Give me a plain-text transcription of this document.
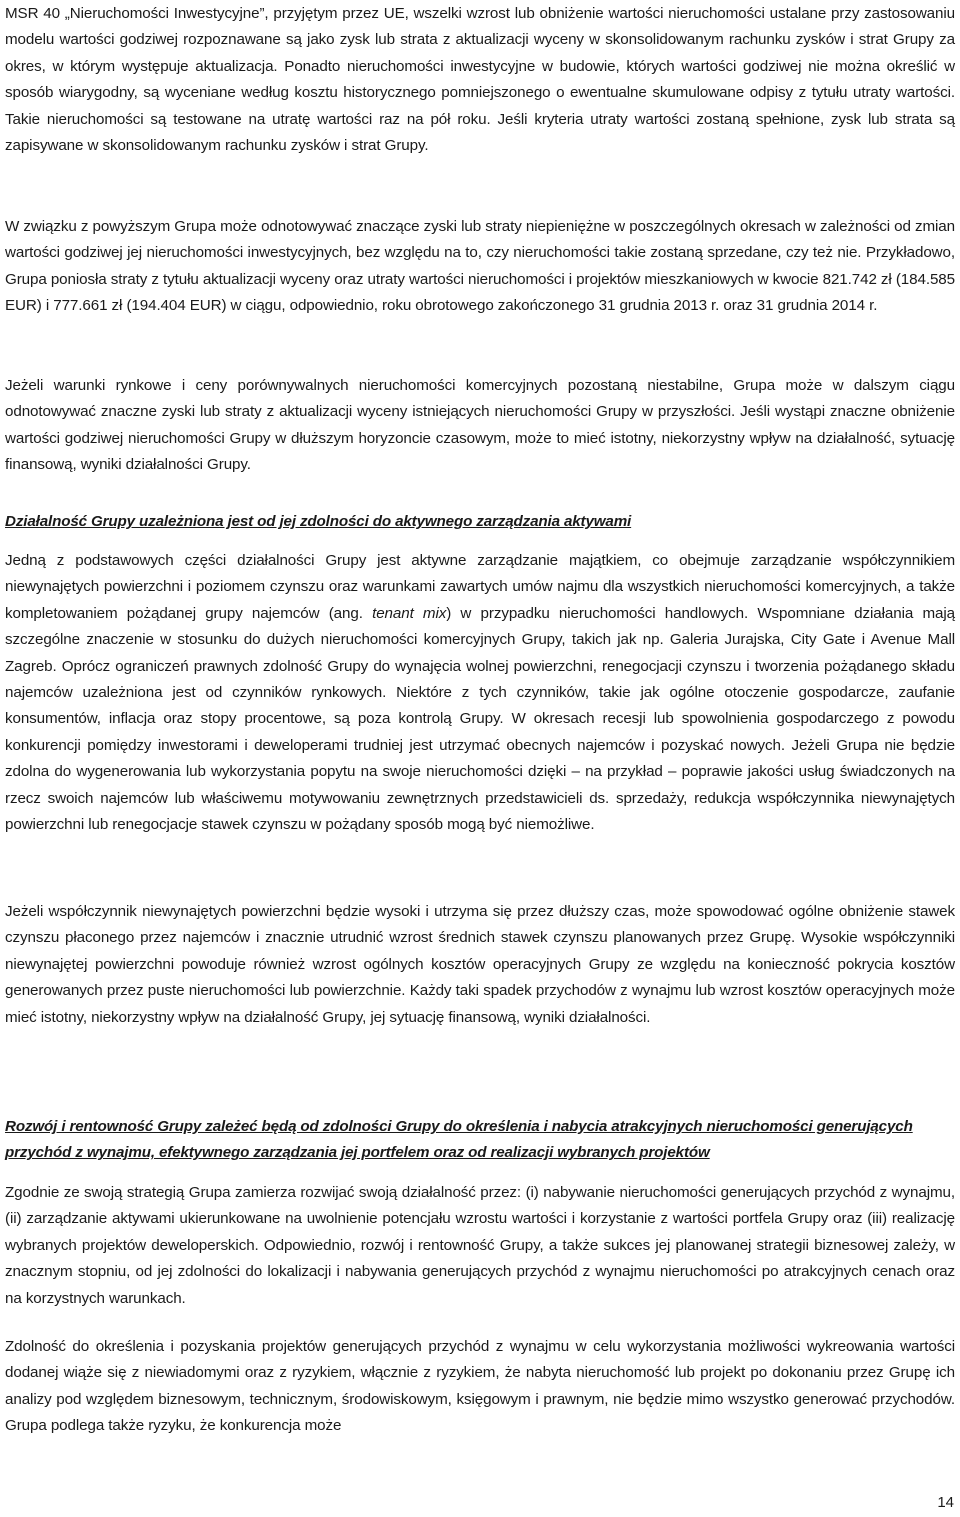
MSR 40 „Nieruchomości Inwestycyjne”, przyjętym przez UE, wszelki wzrost lub obniżenie wartości nieruchomości ustalane przy zastosowaniu modelu wartości godziwej rozpoznawane są jako zysk lub strata z aktualizacji wyceny w skonsolidowanym rachunku zysków i strat Grupy za okres, w którym występuje aktualizacja. Ponadto nieruchomości inwestycyjne w budowie, których wartości godziwej nie można określić w sposób wiarygodny, są wyceniane według kosztu historycznego pomniejszonego o ewentualne skumulowane odpisy z tytułu utraty wartości. Takie nieruchomości są testowane na utratę wartości raz na pół roku. Jeśli kryteria utraty wartości zostaną spełnione, zysk lub strata są zapisywane w skonsolidowanym rachunku zysków i strat Grupy.

W związku z powyższym Grupa może odnotowywać znaczące zyski lub straty niepieniężne w poszczególnych okresach w zależności od zmian wartości godziwej jej nieruchomości inwestycyjnych, bez względu na to, czy nieruchomości takie zostaną sprzedane, czy też nie. Przykładowo, Grupa poniosła straty z tytułu aktualizacji wyceny oraz utraty wartości nieruchomości i projektów mieszkaniowych w kwocie 821.742 zł (184.585 EUR) i 777.661 zł (194.404 EUR) w ciągu, odpowiednio, roku obrotowego zakończonego 31 grudnia 2013 r. oraz 31 grudnia 2014 r.

Jeżeli warunki rynkowe i ceny porównywalnych nieruchomości komercyjnych pozostaną niestabilne, Grupa może w dalszym ciągu odnotowywać znaczne zyski lub straty z aktualizacji wyceny istniejących nieruchomości Grupy w przyszłości. Jeśli wystąpi znaczne obniżenie wartości godziwej nieruchomości Grupy w dłuższym horyzoncie czasowym, może to mieć istotny, niekorzystny wpływ na działalność, sytuację finansową, wyniki działalności Grupy.

Działalność Grupy uzależniona jest od jej zdolności do aktywnego zarządzania aktywami

Jedną z podstawowych części działalności Grupy jest aktywne zarządzanie majątkiem, co obejmuje zarządzanie współczynnikiem niewynajętych powierzchni i poziomem czynszu oraz warunkami zawartych umów najmu dla wszystkich nieruchomości komercyjnych, a także kompletowaniem pożądanej grupy najemców (ang. tenant mix) w przypadku nieruchomości handlowych. Wspomniane działania mają szczególne znaczenie w stosunku do dużych nieruchomości komercyjnych Grupy, takich jak np. Galeria Jurajska, City Gate i Avenue Mall Zagreb. Oprócz ograniczeń prawnych zdolność Grupy do wynajęcia wolnej powierzchni, renegocjacji czynszu i tworzenia pożądanego składu najemców uzależniona jest od czynników rynkowych. Niektóre z tych czynników, takie jak ogólne otoczenie gospodarcze, zaufanie konsumentów, inflacja oraz stopy procentowe, są poza kontrolą Grupy. W okresach recesji lub spowolnienia gospodarczego z powodu konkurencji pomiędzy inwestorami i deweloperami trudniej jest utrzymać obecnych najemców i pozyskać nowych. Jeżeli Grupa nie będzie zdolna do wygenerowania lub wykorzystania popytu na swoje nieruchomości dzięki – na przykład – poprawie jakości usług świadczonych na rzecz swoich najemców lub właściwemu motywowaniu zewnętrznych przedstawicieli ds. sprzedaży, redukcja współczynnika niewynajętych powierzchni lub renegocjacje stawek czynszu w pożądany sposób mogą być niemożliwe.

Jeżeli współczynnik niewynajętych powierzchni będzie wysoki i utrzyma się przez dłuższy czas, może spowodować ogólne obniżenie stawek czynszu płaconego przez najemców i znacznie utrudnić wzrost średnich stawek czynszu planowanych przez Grupę. Wysokie współczynniki niewynajętej powierzchni powoduje również wzrost ogólnych kosztów operacyjnych Grupy ze względu na konieczność pokrycia kosztów generowanych przez puste nieruchomości lub powierzchnie. Każdy taki spadek przychodów z wynajmu lub wzrost kosztów operacyjnych może mieć istotny, niekorzystny wpływ na działalność Grupy, jej sytuację finansową, wyniki działalności.

Rozwój i rentowność Grupy zależeć będą od zdolności Grupy do określenia i nabycia atrakcyjnych nieruchomości generujących przychód z wynajmu, efektywnego zarządzania jej portfelem oraz od realizacji wybranych projektów

Zgodnie ze swoją strategią Grupa zamierza rozwijać swoją działalność przez: (i) nabywanie nieruchomości generujących przychód z wynajmu, (ii) zarządzanie aktywami ukierunkowane na uwolnienie potencjału wzrostu wartości i korzystanie z wartości portfela Grupy oraz (iii) realizację wybranych projektów deweloperskich. Odpowiednio, rozwój i rentowność Grupy, a także sukces jej planowanej strategii biznesowej zależy, w znacznym stopniu, od jej zdolności do lokalizacji i nabywania generujących przychód z wynajmu nieruchomości po atrakcyjnych cenach oraz na korzystnych warunkach.

Zdolność do określenia i pozyskania projektów generujących przychód z wynajmu w celu wykorzystania możliwości wykreowania wartości dodanej wiąże się z niewiadomymi oraz z ryzykiem, włącznie z ryzykiem, że nabyta nieruchomość lub projekt po dokonaniu przez Grupę ich analizy pod względem biznesowym, technicznym, środowiskowym, księgowym i prawnym, nie będzie mimo wszystko generować przychodów. Grupa podlega także ryzyku, że konkurencja może

14
